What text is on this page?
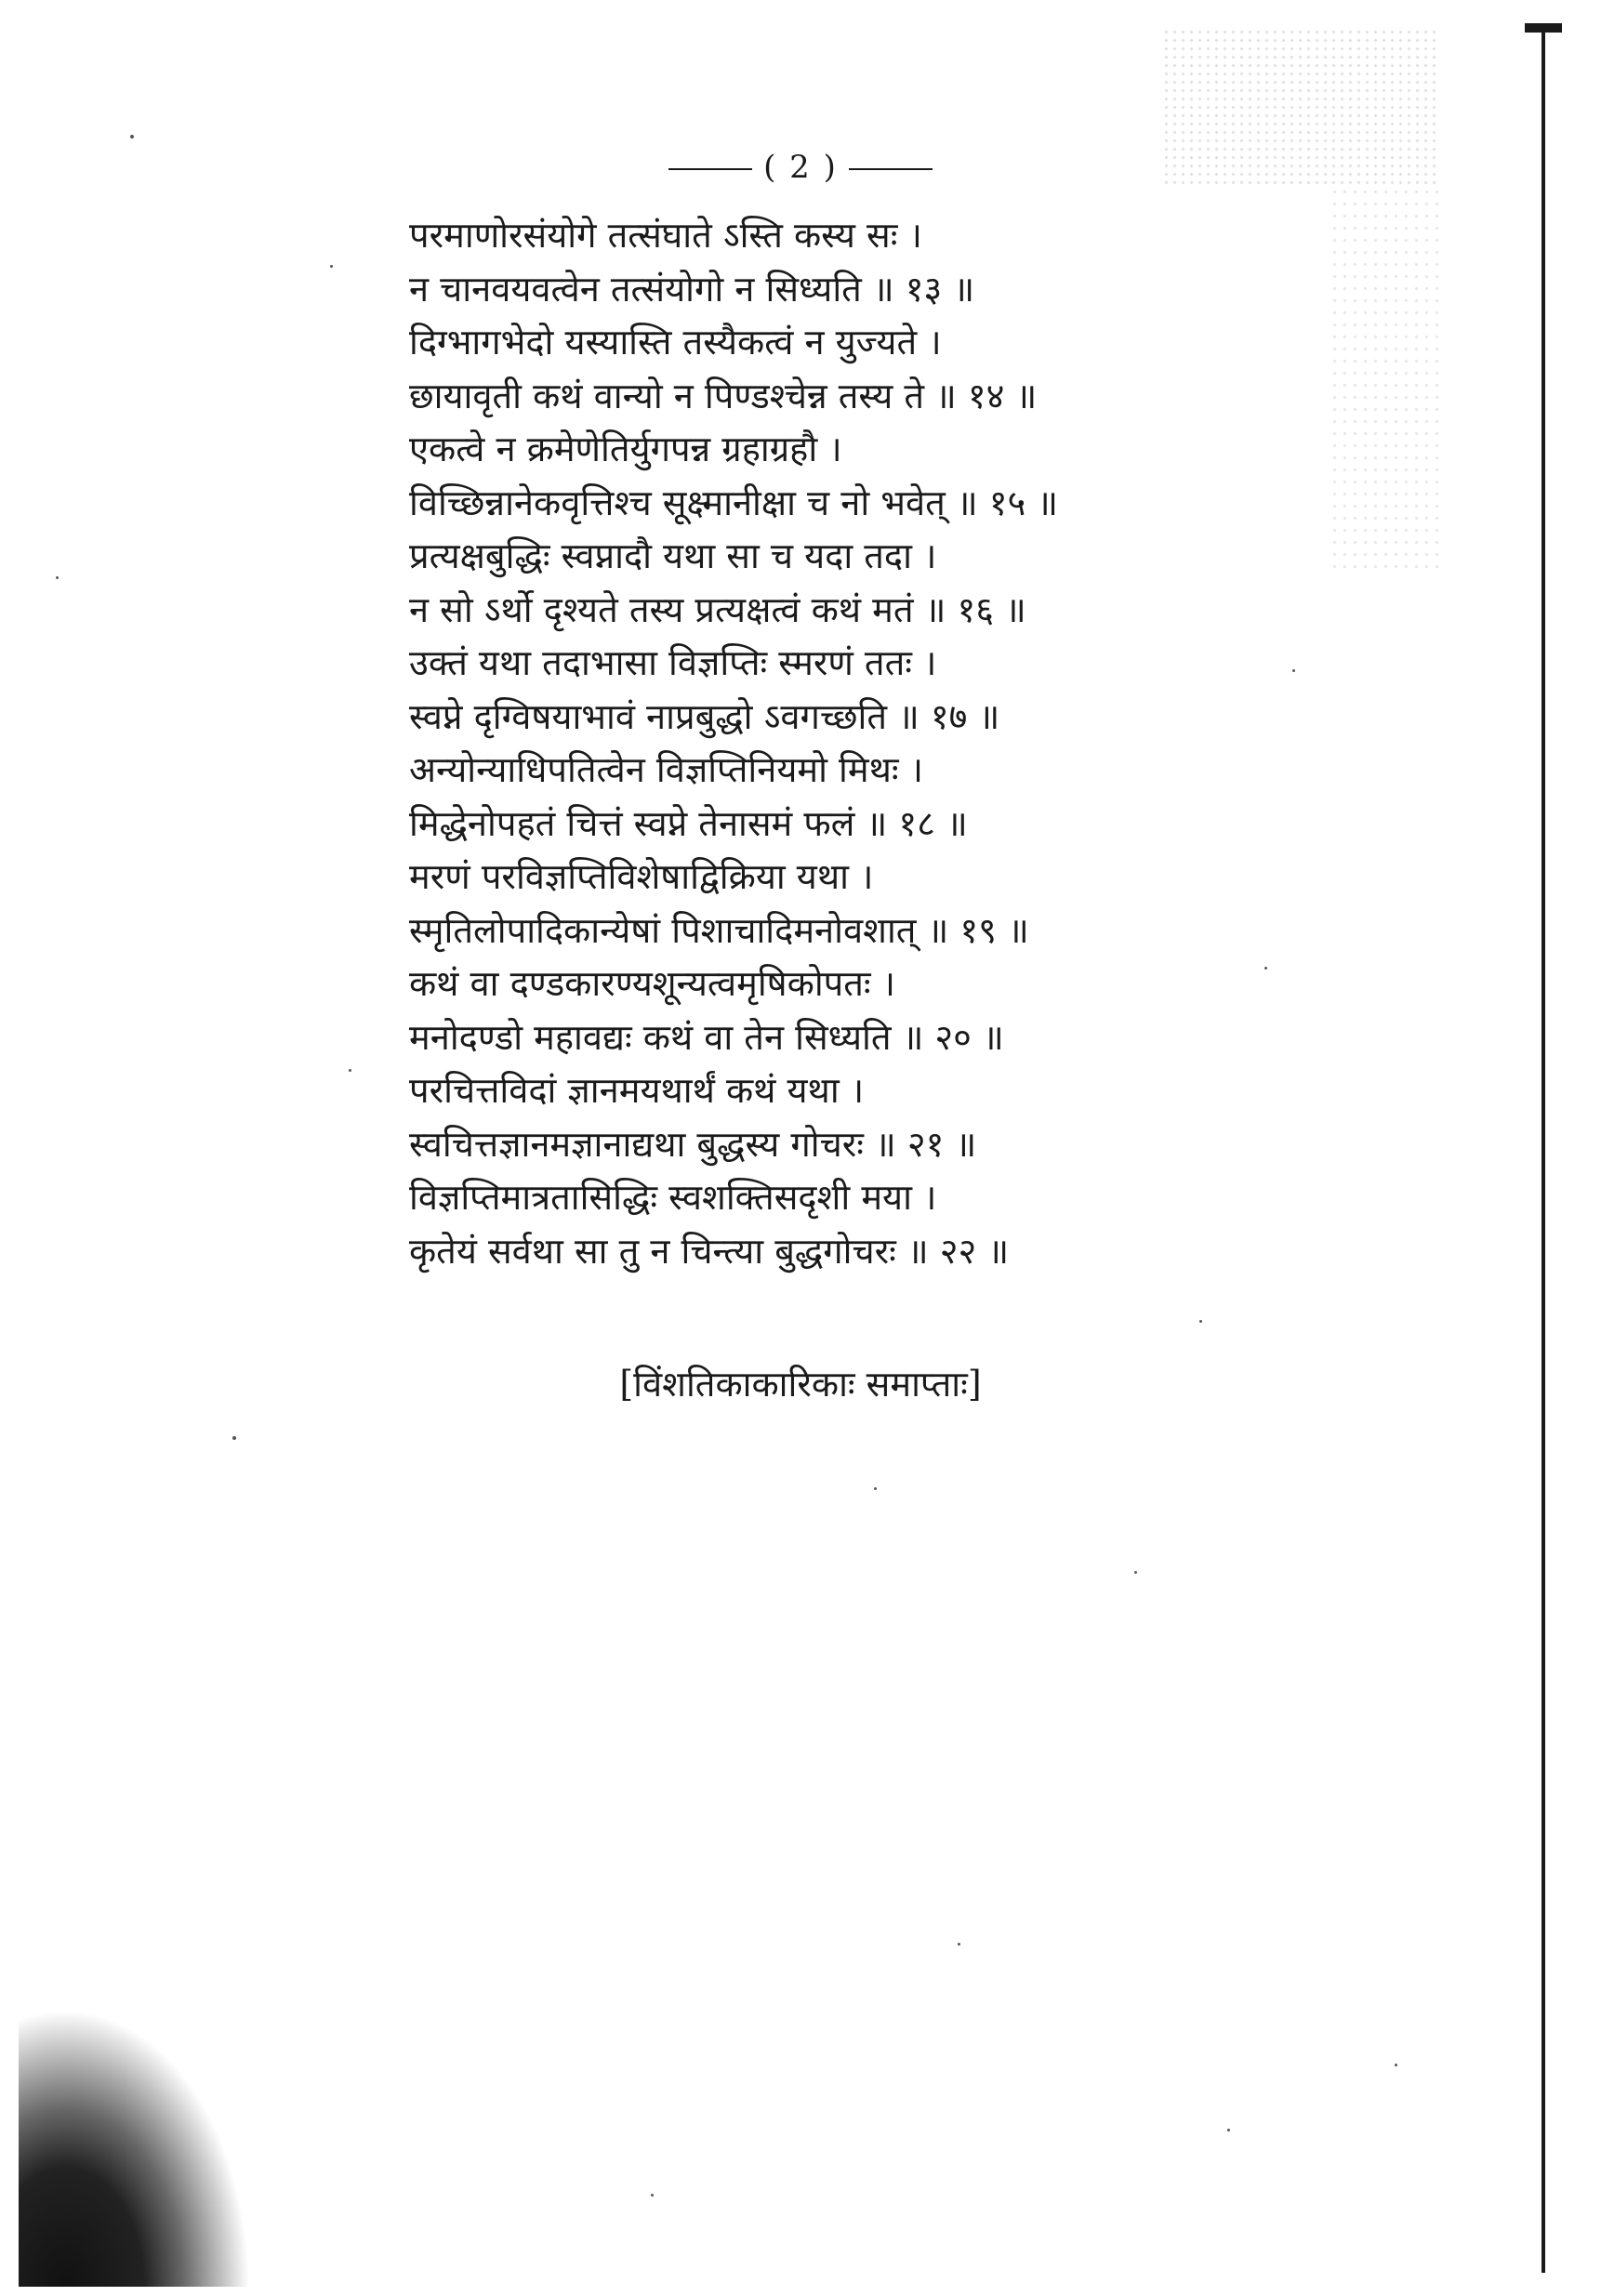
( 2 )
परमाणोरसंयोगे तत्संघाते ऽस्ति कस्य सः ।
न चानवयवत्वेन तत्संयोगो न सिध्यति ॥ १३ ॥
दिग्भागभेदो यस्यास्ति तस्यैकत्वं न युज्यते ।
छायावृती कथं वान्यो न पिण्डश्चेन्न तस्य ते ॥ १४ ॥
एकत्वे न क्रमेणेतिर्युगपन्न ग्रहाग्रहौ ।
विच्छिन्नानेकवृत्तिश्च सूक्ष्मानीक्षा च नो भवेत् ॥ १५ ॥
प्रत्यक्षबुद्धिः स्वप्नादौ यथा सा च यदा तदा ।
न सो ऽर्थो दृश्यते तस्य प्रत्यक्षत्वं कथं मतं ॥ १६ ॥
उक्तं यथा तदाभासा विज्ञप्तिः स्मरणं ततः ।
स्वप्ने दृग्विषयाभावं नाप्रबुद्धो ऽवगच्छति ॥ १७ ॥
अन्योन्याधिपतित्वेन विज्ञप्तिनियमो मिथः ।
मिद्धेनोपहतं चित्तं स्वप्ने तेनासमं फलं ॥ १८ ॥
मरणं परविज्ञप्तिविशेषाद्विक्रिया यथा ।
स्मृतिलोपादिकान्येषां पिशाचादिमनोवशात् ॥ १९ ॥
कथं वा दण्डकारण्यशून्यत्वमृषिकोपतः ।
मनोदण्डो महावद्यः कथं वा तेन सिध्यति ॥ २० ॥
परचित्तविदां ज्ञानमयथार्थं कथं यथा ।
स्वचित्तज्ञानमज्ञानाद्यथा बुद्धस्य गोचरः ॥ २१ ॥
विज्ञप्तिमात्रतासिद्धिः स्वशक्तिसदृशी मया ।
कृतेयं सर्वथा सा तु न चिन्त्या बुद्धगोचरः ॥ २२ ॥
[विंशतिकाकारिकाः समाप्ताः]
